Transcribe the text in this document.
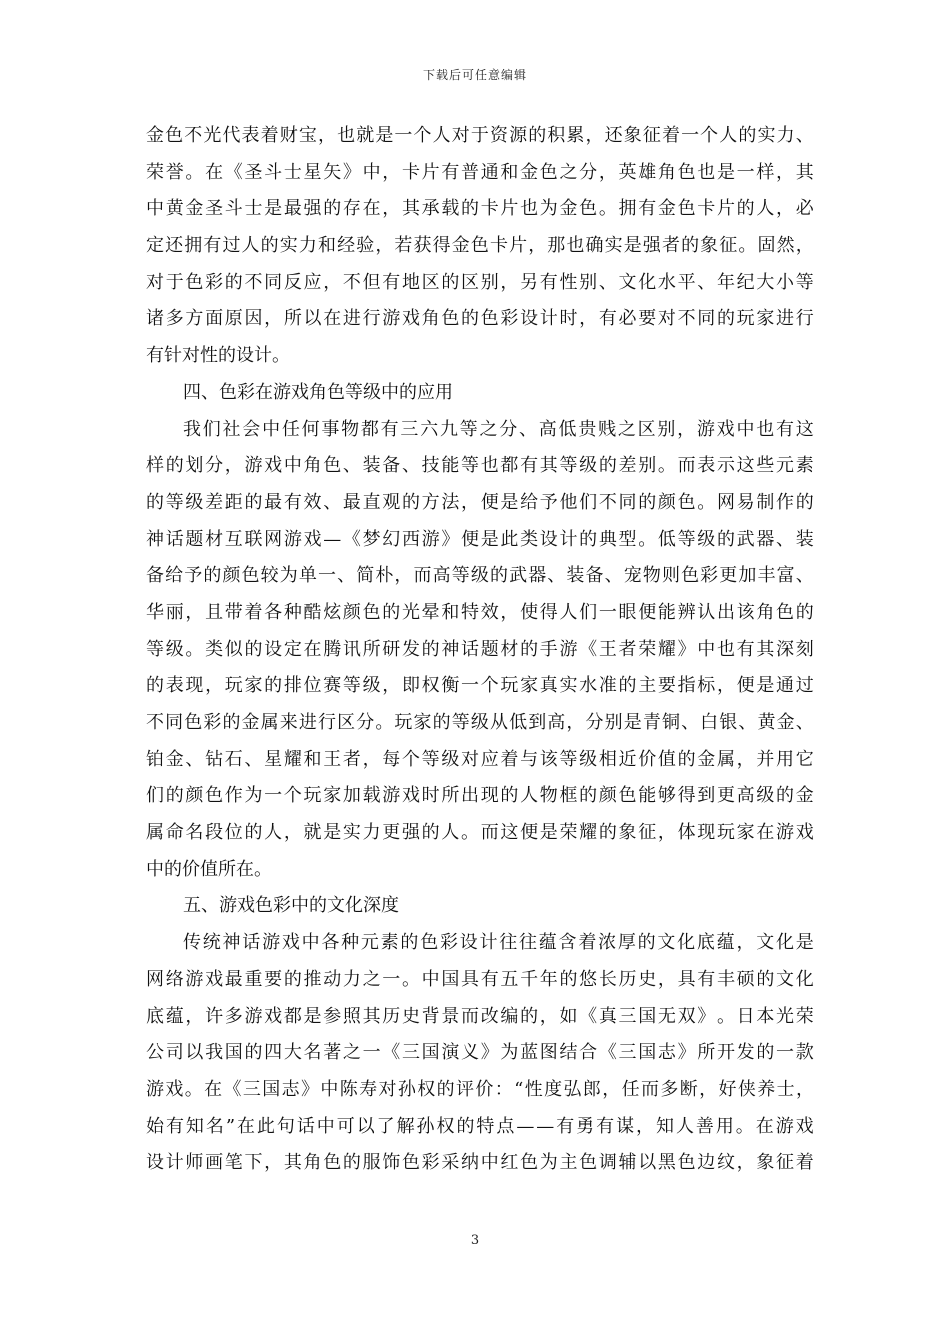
下载后可任意编辑
金 色 不 光 代 表 着 财 宝 ， 也 就 是 一 个 人 对 于 资 源 的 积 累 ， 还 象 征 着 一 个 人 的 实 力 、
荣 誉 。 在 《 圣 斗 士 星 矢 》 中 ， 卡 片 有 普 通 和 金 色 之 分 ， 英 雄 角 色 也 是 一 样 ， 其
中 黄 金 圣 斗 士 是 最 强 的 存 在 ， 其 承 载 的 卡 片 也 为 金 色 。 拥 有 金 色 卡 片 的 人 ， 必
定 还 拥 有 过 人 的 实 力 和 经 验 ， 若 获 得 金 色 卡 片 ， 那 也 确 实 是 强 者 的 象 征 。 固 然 ，
对 于 色 彩 的 不 同 反 应 ， 不 但 有 地 区 的 区 别 ， 另 有 性 别 、 文 化 水 平 、 年 纪 大 小 等
诸 多 方 面 原 因 ， 所 以 在 进 行 游 戏 角 色 的 色 彩 设 计 时 ， 有 必 要 对 不 同 的 玩 家 进 行
有针对性的设计。
四、色彩在游戏角色等级中的应用
我 们 社 会 中 任 何 事 物 都 有 三 六 九 等 之 分 、 高 低 贵 贱 之 区 别 ， 游 戏 中 也 有 这
样 的 划 分 ， 游 戏 中 角 色 、 装 备 、 技 能 等 也 都 有 其 等 级 的 差 别 。 而 表 示 这 些 元 素
的 等 级 差 距 的 最 有 效 、 最 直 观 的 方 法 ， 便 是 给 予 他 们 不 同 的 颜 色 。 网 易 制 作 的
神 话 题 材 互 联 网 游 戏 — 《 梦 幻 西 游 》 便 是 此 类 设 计 的 典 型 。 低 等 级 的 武 器 、 装
备 给 予 的 颜 色 较 为 单 一 、 简 朴 ， 而 高 等 级 的 武 器 、 装 备 、 宠 物 则 色 彩 更 加 丰 富 、
华 丽 ， 且 带 着 各 种 酷 炫 颜 色 的 光 晕 和 特 效 ， 使 得 人 们 一 眼 便 能 辨 认 出 该 角 色 的
等 级 。 类 似 的 设 定 在 腾 讯 所 研 发 的 神 话 题 材 的 手 游 《 王 者 荣 耀 》 中 也 有 其 深 刻
的 表 现 ， 玩 家 的 排 位 赛 等 级 ， 即 权 衡 一 个 玩 家 真 实 水 准 的 主 要 指 标 ， 便 是 通 过
不 同 色 彩 的 金 属 来 进 行 区 分 。 玩 家 的 等 级 从 低 到 高 ， 分 别 是 青 铜 、 白 银 、 黄 金 、
铂 金 、 钻 石 、 星 耀 和 王 者 ， 每 个 等 级 对 应 着 与 该 等 级 相 近 价 值 的 金 属 ， 并 用 它
们 的 颜 色 作 为 一 个 玩 家 加 载 游 戏 时 所 出 现 的 人 物 框 的 颜 色 能 够 得 到 更 高 级 的 金
属 命 名 段 位 的 人 ， 就 是 实 力 更 强 的 人 。 而 这 便 是 荣 耀 的 象 征 ， 体 现 玩 家 在 游 戏
中的价值所在。
五、游戏色彩中的文化深度
传 统 神 话 游 戏 中 各 种 元 素 的 色 彩 设 计 往 往 蕴 含 着 浓 厚 的 文 化 底 蕴 ， 文 化 是
网 络 游 戏 最 重 要 的 推 动 力 之 一 。 中 国 具 有 五 千 年 的 悠 长 历 史 ， 具 有 丰 硕 的 文 化
底 蕴 ， 许 多 游 戏 都 是 参 照 其 历 史 背 景 而 改 编 的 ， 如 《 真 三 国 无 双 》 。 日 本 光 荣
公 司 以 我 国 的 四 大 名 著 之 一 《 三 国 演 义 》 为 蓝 图 结 合 《 三 国 志 》 所 开 发 的 一 款
游 戏 。 在 《 三 国 志 》 中 陈 寿 对 孙 权 的 评 价 ： “ 性 度 弘 郎 ， 任 而 多 断 ， 好 侠 养 士 ，
始 有 知 名 ” 在 此 句 话 中 可 以 了 解 孙 权 的 特 点 — — 有 勇 有 谋 ， 知 人 善 用 。 在 游 戏
设 计 师 画 笔 下 ， 其 角 色 的 服 饰 色 彩 采 纳 中 红 色 为 主 色 调 辅 以 黑 色 边 纹 ， 象 征 着
3
